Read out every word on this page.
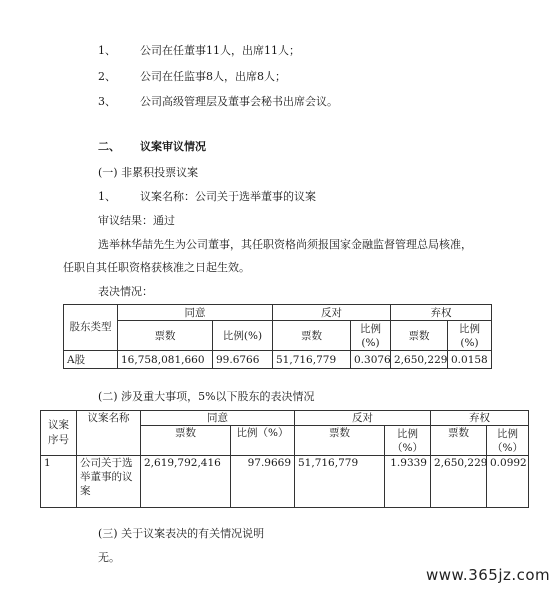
1、 公司在任董事11人，出席11人；
2、 公司在任监事8人，出席8人；
3、 公司高级管理层及董事会秘书出席会议。
二、 议案审议情况
(一) 非累积投票议案
1、 议案名称：公司关于选举董事的议案
审议结果：通过
选举林华喆先生为公司董事，其任职资格尚须报国家金融监督管理总局核准，
任职自其任职资格获核准之日起生效。
表决情况：
股东类型	同意		反对		弃权	
	票数	比例(%)	票数	比例(%)	票数	比例(%)
A股	16,758,081,660	99.6766	51,716,779	0.3076	2,650,229	0.0158
(二) 涉及重大事项，5%以下股东的表决情况
议案序号	议案名称	同意		反对		弃权	
		票数	比例（%）	票数	比例（%）	票数	比例（%）
1	公司关于选举董事的议案	2,619,792,416	97.9669	51,716,779	1.9339	2,650,229	0.0992
(三) 关于议案表决的有关情况说明
无。
www.365jz.com
